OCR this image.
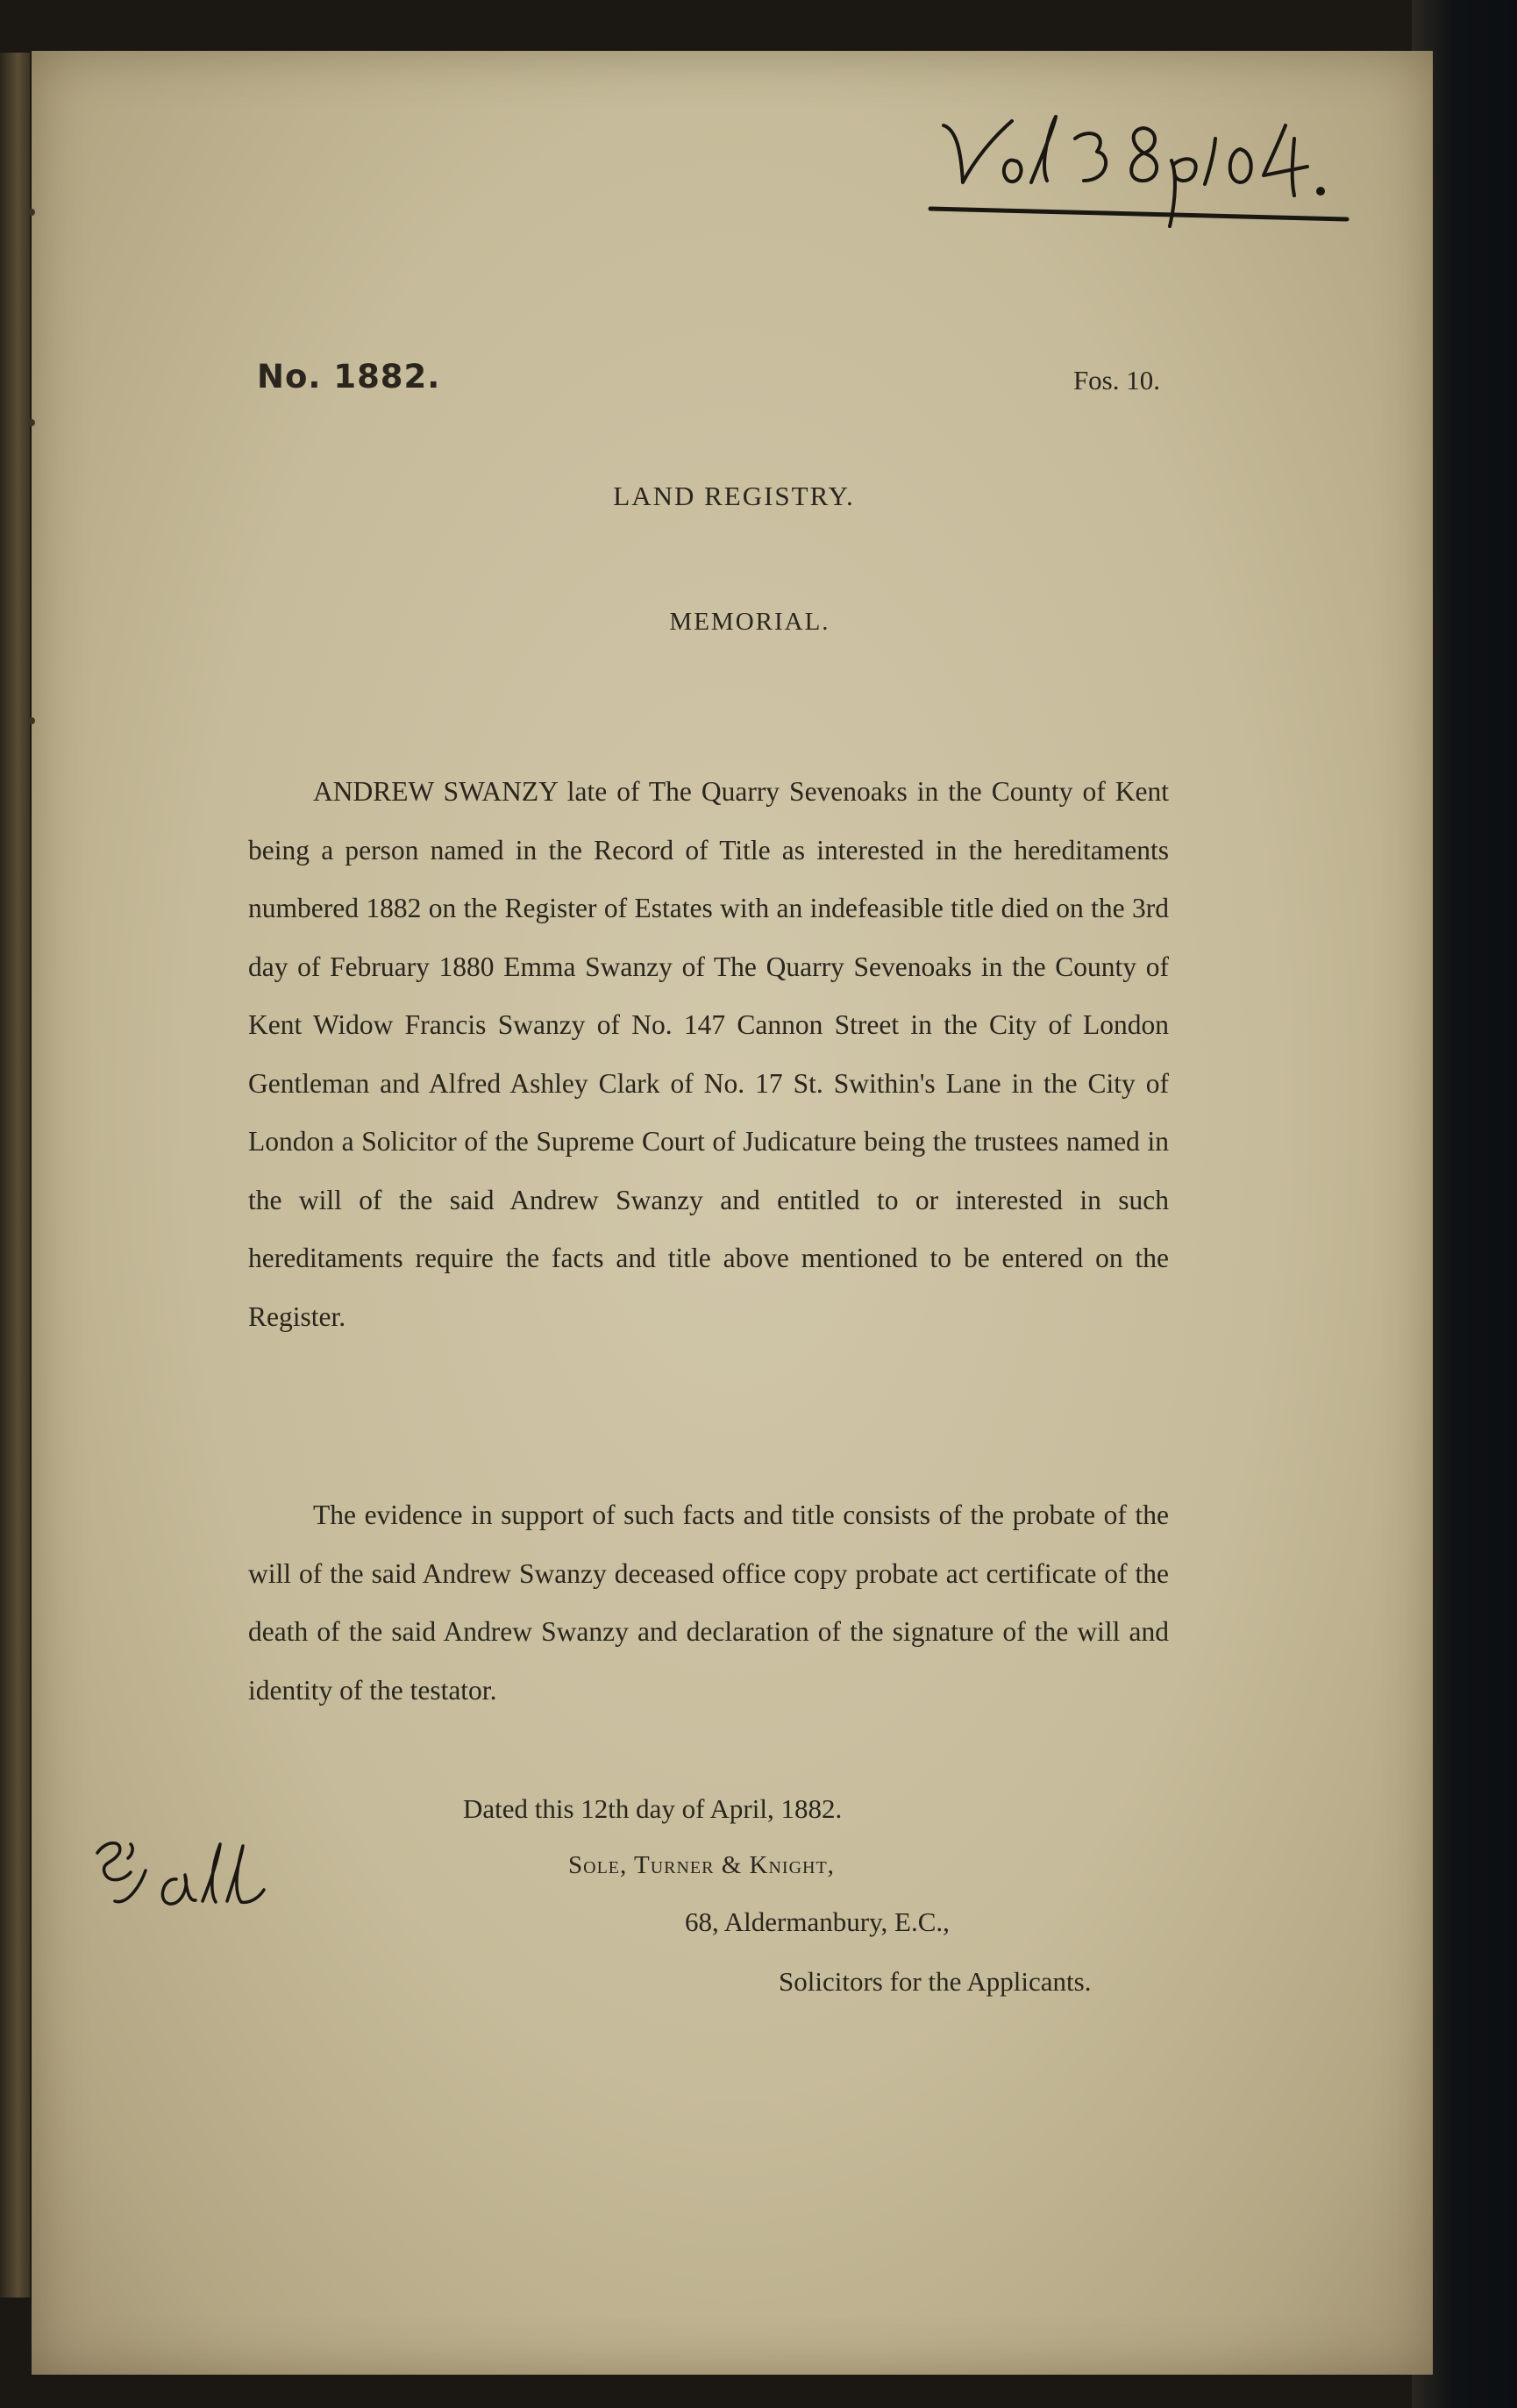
No. 1882.	Fos. 10.
LAND REGISTRY.
MEMORIAL.

ANDREW SWANZY late of The Quarry Sevenoaks in the County of Kent being a person named in the Record of Title as interested in the hereditaments numbered 1882 on the Register of Estates with an indefeasible title died on the 3rd day of February 1880 Emma Swanzy of The Quarry Sevenoaks in the County of Kent Widow Francis Swanzy of No. 147 Cannon Street in the City of London Gentleman and Alfred Ashley Clark of No. 17 St. Swithin's Lane in the City of London a Solicitor of the Supreme Court of Judicature being the trustees named in the will of the said Andrew Swanzy and entitled to or interested in such hereditaments require the facts and title above mentioned to be entered on the Register.

The evidence in support of such facts and title consists of the probate of the will of the said Andrew Swanzy deceased office copy probate act certificate of the death of the said Andrew Swanzy and declaration of the signature of the will and identity of the testator.

Dated this 12th day of April, 1882.
Sole, Turner & Knight,
68, Aldermanbury, E.C.,
Solicitors for the Applicants.
